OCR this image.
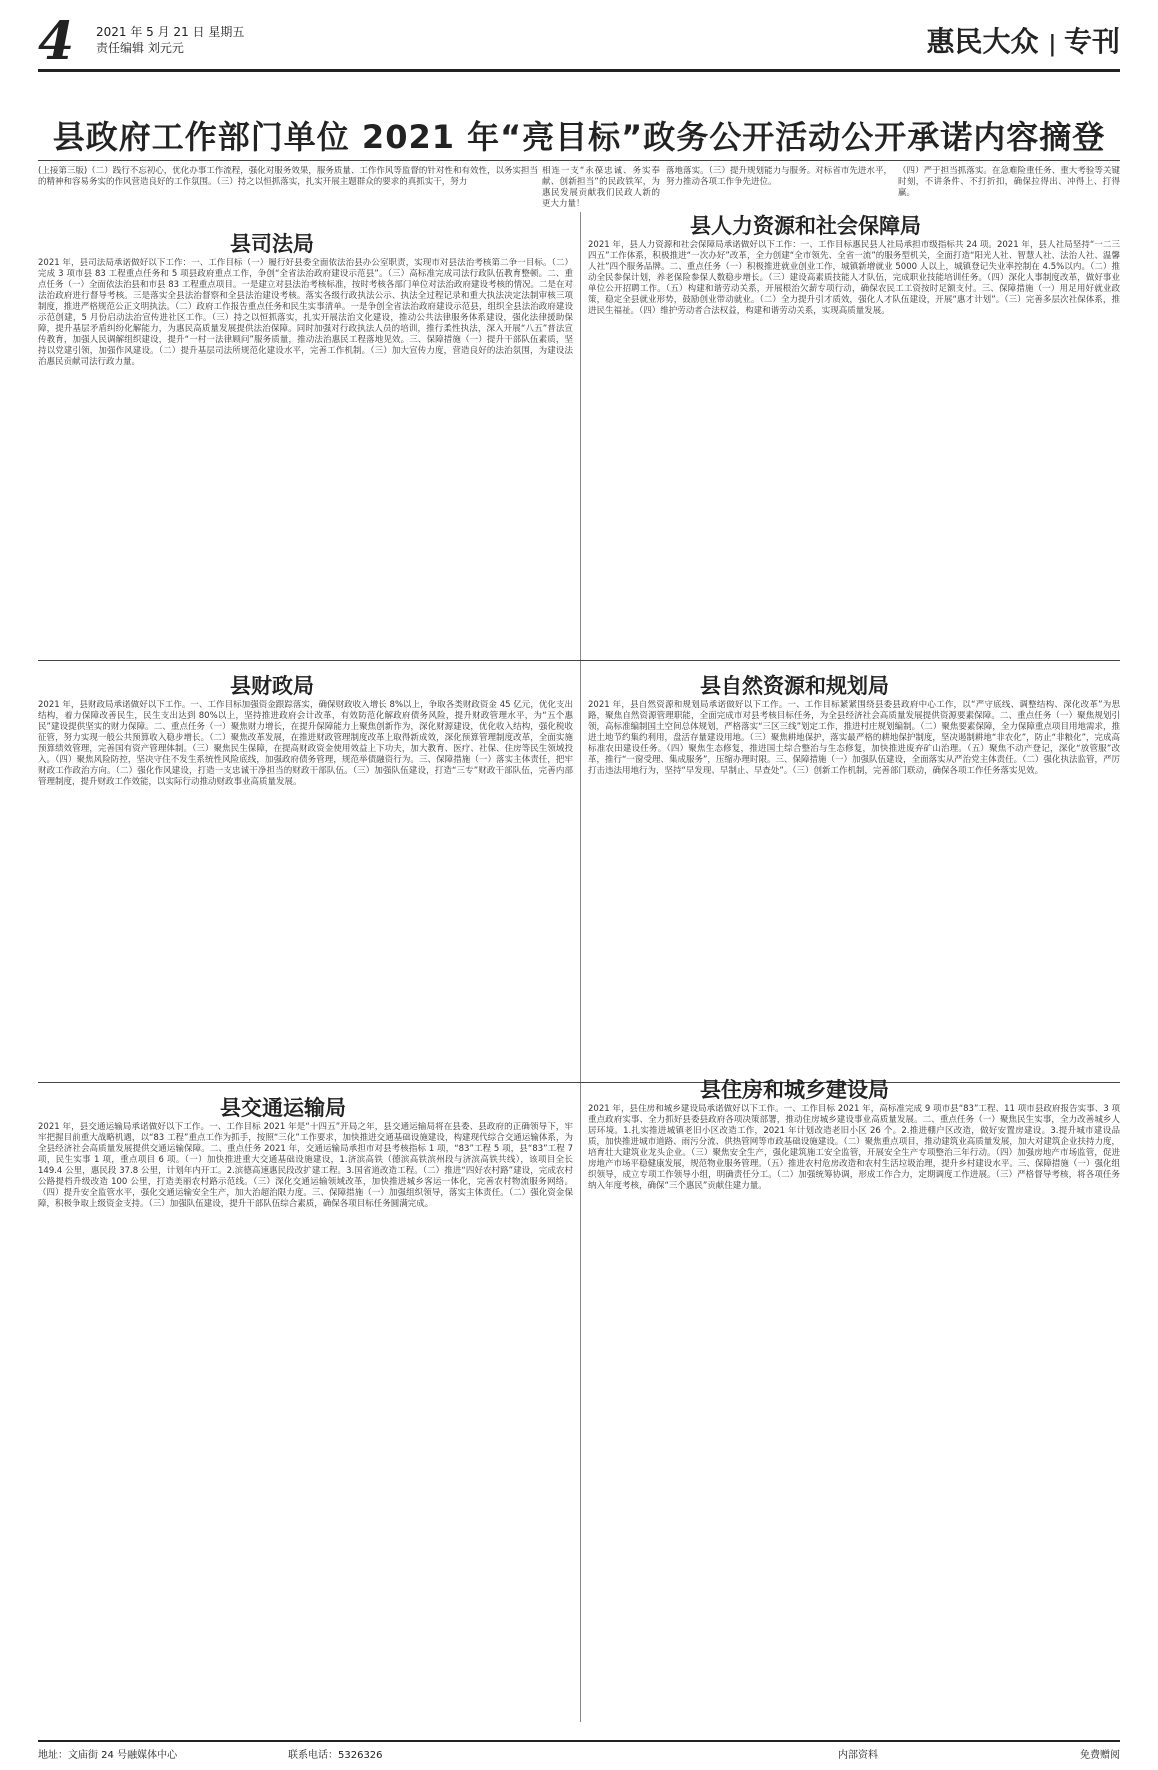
4 2021 年 5 月 21 日 星期五
责任编辑 刘元元	惠民大众 | 专刊
县政府工作部门单位 2021 年“亮目标”政务公开活动公开承诺内容摘登
(上接第三版)（二）践行不忘初心，优化办事工作流程，强化对服务效果，服务质量、工作作风等监督的针对性和有效性，以务实担当的精神和容易务实的作风营造良好的工作氛围。（三）持之以恒抓落实，扎实开展主题群众的要求的真抓实干，努力
相连一支“永葆忠诚、务实奉献、创新担当”的民政铁军，为惠民发展贡献我们民政人新的更大力量！
落地落实。（三）提升规划能力与服务。对标省市先进水平，努力推动各项工作争先进位。
（四）严于担当抓落实。在急难险重任务、重大考验等关键时刻，不讲条件、不打折扣，确保拉得出、冲得上、打得赢。
县司法局
2021 年，县司法局承诺做好以下工作：一、工作目标（一）履行好县委全面依法治县办公室职责，实现市对县法治考核第二争一目标。（二）完成 3 项市县 83 工程重点任务和 5 项县政府重点工作，争创“全省法治政府建设示范县”。（三）高标准完成司法行政队伍教育整顿。二、重点任务（一）全面依法治县和市县 83 工程重点项目。一是建立对县法治考核标准，按时考核各部门单位对法治政府建设考核的情况。二是在对法治政府进行督导考核。三是落实全县法治督察和全县法治建设考核。落实各级行政执法公示、执法全过程记录和重大执法决定法制审核三项制度，推进严格规范公正文明执法。（二）政府工作报告重点任务和民生实事清单。一是争创全省法治政府建设示范县，组织全县法治政府建设示范创建，5 月份启动法治宣传进社区工作。（三）持之以恒抓落实，扎实开展法治文化建设，推动公共法律服务体系建设，强化法律援助保障，提升基层矛盾纠纷化解能力，为惠民高质量发展提供法治保障。同时加强对行政执法人员的培训，推行柔性执法，深入开展“八五”普法宣传教育，加强人民调解组织建设，提升“一村一法律顾问”服务质量，推动法治惠民工程落地见效。三、保障措施（一）提升干部队伍素质，坚持以党建引领，加强作风建设。（二）提升基层司法所规范化建设水平，完善工作机制。（三）加大宣传力度，营造良好的法治氛围，为建设法治惠民贡献司法行政力量。
县人力资源和社会保障局
2021 年，县人力资源和社会保障局承诺做好以下工作：一、工作目标惠民县人社局承担市级指标共 24 项。2021 年，县人社局坚持“一二三四五”工作体系，积极推进“一次办好”改革，全力创建“全市领先、全省一流”的服务型机关，全面打造“阳光人社、智慧人社、法治人社、温馨人社”四个服务品牌。二、重点任务（一）积极推进就业创业工作，城镇新增就业 5000 人以上，城镇登记失业率控制在 4.5%以内。（二）推动全民参保计划，养老保险参保人数稳步增长。（三）建设高素质技能人才队伍，完成职业技能培训任务。（四）深化人事制度改革，做好事业单位公开招聘工作。（五）构建和谐劳动关系，开展根治欠薪专项行动，确保农民工工资按时足额支付。三、保障措施（一）用足用好就业政策，稳定全县就业形势，鼓励创业带动就业。（二）全力提升引才质效，强化人才队伍建设，开展“惠才计划”。（三）完善多层次社保体系，推进民生福祉。（四）维护劳动者合法权益，构建和谐劳动关系，实现高质量发展。
县财政局
2021 年，县财政局承诺做好以下工作。一、工作目标加强资金跟踪落实，确保财政收入增长 8%以上，争取各类财政资金 45 亿元，优化支出结构，着力保障改善民生，民生支出达到 80%以上，坚持推进政府会计改革，有效防范化解政府债务风险，提升财政管理水平，为“五个惠民”建设提供坚实的财力保障。二、重点任务（一）聚焦财力增长，在提升保障能力上聚焦创新作为，深化财源建设，优化收入结构，强化税收征管，努力实现一般公共预算收入稳步增长。（二）聚焦改革发展，在推进财政管理制度改革上取得新成效，深化预算管理制度改革，全面实施预算绩效管理，完善国有资产管理体制。（三）聚焦民生保障，在提高财政资金使用效益上下功夫，加大教育、医疗、社保、住房等民生领域投入。（四）聚焦风险防控，坚决守住不发生系统性风险底线，加强政府债务管理，规范举债融资行为。三、保障措施（一）落实主体责任，把牢财政工作政治方向。（二）强化作风建设，打造一支忠诚干净担当的财政干部队伍。（三）加强队伍建设，打造“三专”财政干部队伍，完善内部管理制度，提升财政工作效能，以实际行动推动财政事业高质量发展。
县自然资源和规划局
2021 年，县自然资源和规划局承诺做好以下工作。一、工作目标紧紧围绕县委县政府中心工作，以“严守底线、调整结构、深化改革”为思路，聚焦自然资源管理职能，全面完成市对县考核目标任务，为全县经济社会高质量发展提供资源要素保障。二、重点任务（一）聚焦规划引领，高标准编制国土空间总体规划，严格落实“三区三线”划定工作，推进村庄规划编制。（二）聚焦要素保障，全力保障重点项目用地需求，推进土地节约集约利用，盘活存量建设用地。（三）聚焦耕地保护，落实最严格的耕地保护制度，坚决遏制耕地“非农化”，防止“非粮化”，完成高标准农田建设任务。（四）聚焦生态修复，推进国土综合整治与生态修复，加快推进废弃矿山治理。（五）聚焦不动产登记，深化“放管服”改革，推行“一窗受理、集成服务”，压缩办理时限。三、保障措施（一）加强队伍建设，全面落实从严治党主体责任。（二）强化执法监管，严厉打击违法用地行为，坚持“早发现、早制止、早查处”。（三）创新工作机制，完善部门联动，确保各项工作任务落实见效。
县交通运输局
2021 年，县交通运输局承诺做好以下工作。一、工作目标 2021 年是“十四五”开局之年，县交通运输局将在县委、县政府的正确领导下，牢牢把握目前重大战略机遇，以“83 工程”重点工作为抓手，按照“三化”工作要求，加快推进交通基础设施建设，构建现代综合交通运输体系，为全县经济社会高质量发展提供交通运输保障。二、重点任务 2021 年，交通运输局承担市对县考核指标 1 项，“83”工程 5 项，县“83”工程 7 项，民生实事 1 项，重点项目 6 项。（一）加快推进重大交通基础设施建设，1.济滨高铁（德滨高铁滨州段与济滨高铁共线），该项目全长 149.4 公里，惠民段 37.8 公里，计划年内开工。2.滨德高速惠民段改扩建工程。3.国省道改造工程。（二）推进“四好农村路”建设，完成农村公路提档升级改造 100 公里，打造美丽农村路示范线。（三）深化交通运输领域改革，加快推进城乡客运一体化，完善农村物流服务网络。（四）提升安全监管水平，强化交通运输安全生产，加大治超治限力度。三、保障措施（一）加强组织领导，落实主体责任。（二）强化资金保障，积极争取上级资金支持。（三）加强队伍建设，提升干部队伍综合素质，确保各项目标任务圆满完成。
县住房和城乡建设局
2021 年，县住房和城乡建设局承诺做好以下工作。一、工作目标 2021 年，高标准完成 9 项市县“83”工程、11 项市县政府报告实事、3 项重点政府实事、全力抓好县委县政府各项决策部署，推动住房城乡建设事业高质量发展。二、重点任务（一）聚焦民生实事，全力改善城乡人居环境。1.扎实推进城镇老旧小区改造工作，2021 年计划改造老旧小区 26 个。2.推进棚户区改造，做好安置房建设。3.提升城市建设品质，加快推进城市道路、雨污分流、供热管网等市政基础设施建设。（二）聚焦重点项目，推动建筑业高质量发展，加大对建筑企业扶持力度，培育壮大建筑业龙头企业。（三）聚焦安全生产，强化建筑施工安全监管，开展安全生产专项整治三年行动。（四）加强房地产市场监管，促进房地产市场平稳健康发展，规范物业服务管理。（五）推进农村危房改造和农村生活垃圾治理，提升乡村建设水平。三、保障措施（一）强化组织领导，成立专项工作领导小组，明确责任分工。（二）加强统筹协调，形成工作合力，定期调度工作进展。（三）严格督导考核，将各项任务纳入年度考核，确保“三个惠民”贡献住建力量。
地址：文庙街 24 号融媒体中心	联系电话：5326326	内部资料	免费赠阅
